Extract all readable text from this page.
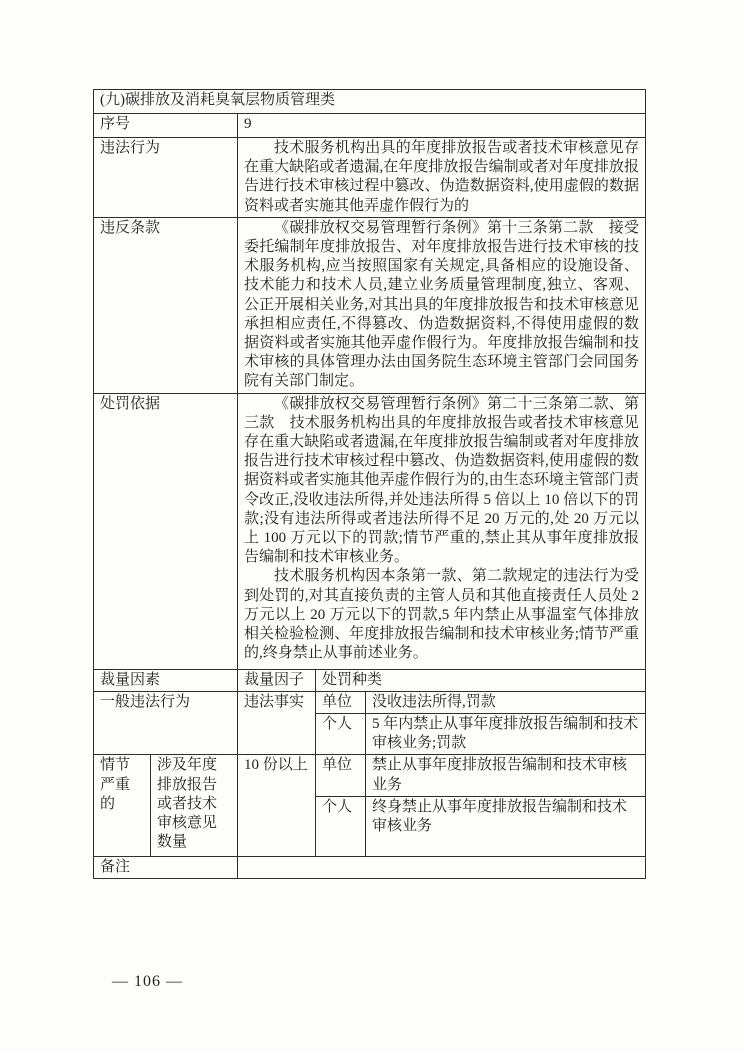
(九)碳排放及消耗臭氧层物质管理类				
序号		9		
违法行为		技术服务机构出具的年度排放报告或者技术审核意见存在重大缺陷或者遗漏,在年度排放报告编制或者对年度排放报告进行技术审核过程中篡改、伪造数据资料,使用虚假的数据资料或者实施其他弄虚作假行为的		

违反条款		《碳排放权交易管理暂行条例》第十三条第二款　接受委托编制年度排放报告、对年度排放报告进行技术审核的技术服务机构,应当按照国家有关规定,具备相应的设施设备、技术能力和技术人员,建立业务质量管理制度,独立、客观、公正开展相关业务,对其出具的年度排放报告和技术审核意见承担相应责任,不得篡改、伪造数据资料,不得使用虚假的数据资料或者实施其他弄虚作假行为。年度排放报告编制和技术审核的具体管理办法由国务院生态环境主管部门会同国务院有关部门制定。		

处罚依据		《碳排放权交易管理暂行条例》第二十三条第二款、第三款　技术服务机构出具的年度排放报告或者技术审核意见存在重大缺陷或者遗漏,在年度排放报告编制或者对年度排放报告进行技术审核过程中篡改、伪造数据资料,使用虚假的数据资料或者实施其他弄虚作假行为的,由生态环境主管部门责令改正,没收违法所得,并处违法所得 5 倍以上 10 倍以下的罚款;没有违法所得或者违法所得不足 20 万元的,处 20 万元以上 100 万元以下的罚款;情节严重的,禁止其从事年度排放报告编制和技术审核业务。

技术服务机构因本条第一款、第二款规定的违法行为受到处罚的,对其直接负责的主管人员和其他直接责任人员处 2 万元以上 20 万元以下的罚款,5 年内禁止从事温室气体排放相关检验检测、年度排放报告编制和技术审核业务;情节严重的,终身禁止从事前述业务。		

裁量因素		裁量因子	处罚种类	
一般违法行为		违法事实	单位	没收违法所得,罚款

			个人	5 年内禁止从事年度排放报告编制和技术审核业务;罚款

情节严重的	涉及年度排放报告或者技术审核意见数量	10 份以上	单位	禁止从事年度排放报告编制和技术审核业务

			个人	终身禁止从事年度排放报告编制和技术审核业务

备注				
— 106 —
